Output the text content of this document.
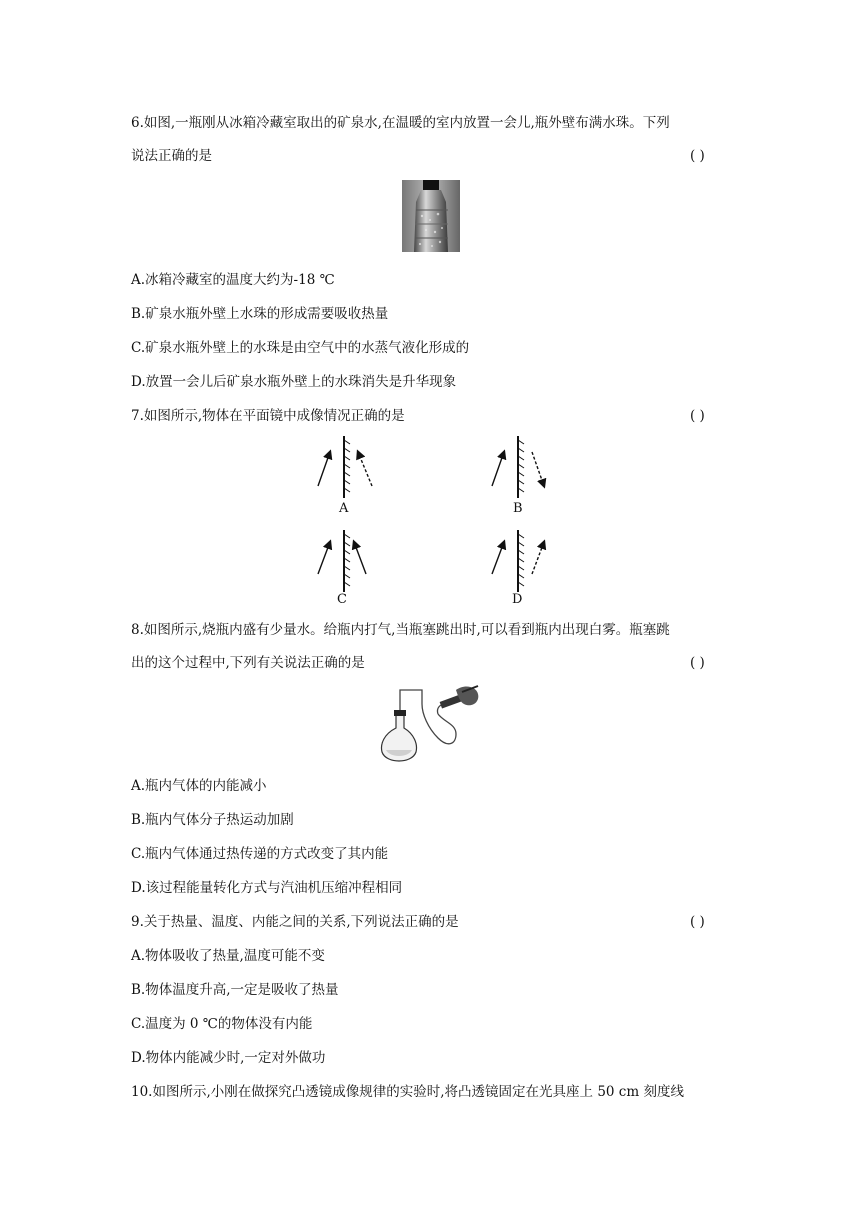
6.如图,一瓶刚从冰箱冷藏室取出的矿泉水,在温暖的室内放置一会儿,瓶外壁布满水珠。下列
说法正确的是	( )
A.冰箱冷藏室的温度大约为-18 ℃
B.矿泉水瓶外壁上水珠的形成需要吸收热量
C.矿泉水瓶外壁上的水珠是由空气中的水蒸气液化形成的
D.放置一会儿后矿泉水瓶外壁上的水珠消失是升华现象
7.如图所示,物体在平面镜中成像情况正确的是	( )
A	B
C	D
8.如图所示,烧瓶内盛有少量水。给瓶内打气,当瓶塞跳出时,可以看到瓶内出现白雾。瓶塞跳
出的这个过程中,下列有关说法正确的是	( )
A.瓶内气体的内能减小
B.瓶内气体分子热运动加剧
C.瓶内气体通过热传递的方式改变了其内能
D.该过程能量转化方式与汽油机压缩冲程相同
9.关于热量、温度、内能之间的关系,下列说法正确的是	( )
A.物体吸收了热量,温度可能不变
B.物体温度升高,一定是吸收了热量
C.温度为 0 ℃的物体没有内能
D.物体内能减少时,一定对外做功
10.如图所示,小刚在做探究凸透镜成像规律的实验时,将凸透镜固定在光具座上 50 cm 刻度线
